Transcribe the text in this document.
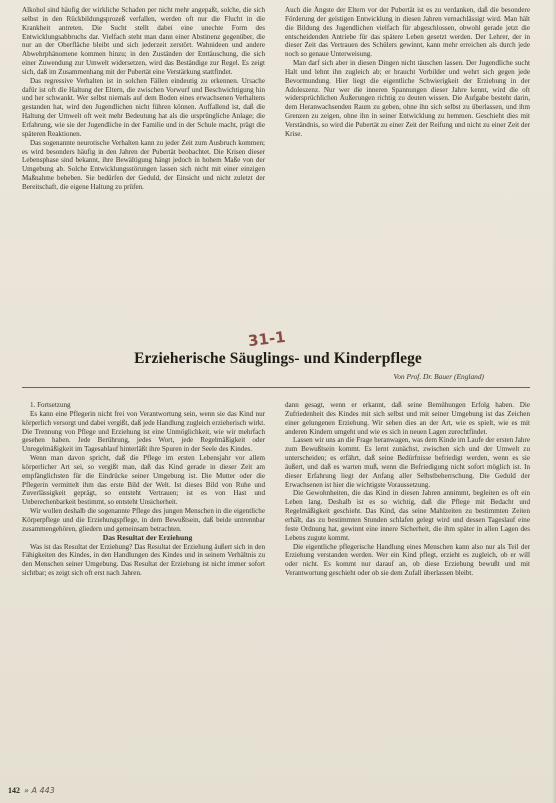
Alkohol sind häufig der wirkliche Schaden per nicht mehr angepaßt, solche, die sich selbst in den Rückbildungsprozeß verfallen, werden oft nur die Flucht in die Krankheit antreten. Die Sucht stellt dabei eine unechte Form des Entwicklungsabbruchs dar. Vielfach steht man dann einer Abstinenz gegenüber, die nur an der Oberfläche bleibt und sich jederzeit zerstört. Wahnideen und andere Abwehrphänomene kommen hinzu; in den Zuständen der Enttäuschung, die sich einer Zuwendung zur Umwelt widersetzen, wird das Beständige zur Regel. Es zeigt sich, daß im Zusammenhang mit der Pubertät eine Verstärkung stattfindet.

Das regressive Verhalten ist in solchen Fällen eindeutig zu erkennen. Ursache dafür ist oft die Haltung der Eltern, die zwischen Vorwurf und Beschwichtigung hin und her schwankt. Wer selbst niemals auf dem Boden eines erwachsenen Verhaltens gestanden hat, wird den Jugendlichen nicht führen können. Auffallend ist, daß die Haltung der Umwelt oft weit mehr Bedeutung hat als die ursprüngliche Anlage; die Erfahrung, wie sie der Jugendliche in der Familie und in der Schule macht, prägt die späteren Reaktionen.

Das sogenannte neurotische Verhalten kann zu jeder Zeit zum Ausbruch kommen; es wird besonders häufig in den Jahren der Pubertät beobachtet. Die Krisen dieser Lebensphase sind bekannt, ihre Bewältigung hängt jedoch in hohem Maße von der Umgebung ab. Solche Entwicklungsstörungen lassen sich nicht mit einer einzigen Maßnahme beheben. Sie bedürfen der Geduld, der Einsicht und nicht zuletzt der Bereitschaft, die eigene Haltung zu prüfen.

Auch die Ängste der Eltern vor der Pubertät ist es zu verdanken, daß die besondere Förderung der geistigen Entwicklung in diesen Jahren vernachlässigt wird. Man hält die Bildung des Jugendlichen vielfach für abgeschlossen, obwohl gerade jetzt die entscheidenden Antriebe für das spätere Leben gesetzt werden. Der Lehrer, der in dieser Zeit das Vertrauen des Schülers gewinnt, kann mehr erreichen als durch jede noch so genaue Unterweisung.

Man darf sich aber in diesen Dingen nicht täuschen lassen. Der Jugendliche sucht Halt und lehnt ihn zugleich ab; er braucht Vorbilder und wehrt sich gegen jede Bevormundung. Hier liegt die eigentliche Schwierigkeit der Erziehung in der Adoleszenz. Nur wer die inneren Spannungen dieser Jahre kennt, wird die oft widersprüchlichen Äußerungen richtig zu deuten wissen. Die Aufgabe besteht darin, dem Heranwachsenden Raum zu geben, ohne ihn sich selbst zu überlassen, und ihm Grenzen zu zeigen, ohne ihn in seiner Entwicklung zu hemmen. Geschieht dies mit Verständnis, so wird die Pubertät zu einer Zeit der Reifung und nicht zu einer Zeit der Krise.

31-1
Erzieherische Säuglings- und Kinderpflege
Von Prof. Dr. Bauer (England)

1. Fortsetzung

Es kann eine Pflegerin nicht frei von Verantwortung sein, wenn sie das Kind nur körperlich versorgt und dabei vergißt, daß jede Handlung zugleich erzieherisch wirkt. Die Trennung von Pflege und Erziehung ist eine Unmöglichkeit, wie wir mehrfach gesehen haben. Jede Berührung, jedes Wort, jede Regelmäßigkeit oder Unregelmäßigkeit im Tagesablauf hinterläßt ihre Spuren in der Seele des Kindes.

Wenn man davon spricht, daß die Pflege im ersten Lebensjahr vor allem körperlicher Art sei, so vergißt man, daß das Kind gerade in dieser Zeit am empfänglichsten für die Eindrücke seiner Umgebung ist. Die Mutter oder die Pflegerin vermittelt ihm das erste Bild der Welt. Ist dieses Bild von Ruhe und Zuverlässigkeit geprägt, so entsteht Vertrauen; ist es von Hast und Unberechenbarkeit bestimmt, so entsteht Unsicherheit.

Wir wollen deshalb die sogenannte Pflege des jungen Menschen in die eigentliche Körperpflege und die Erziehungspflege, in dem Bewußtsein, daß beide untrennbar zusammengehören, gliedern und gemeinsam betrachten.

Das Resultat der Erziehung

Was ist das Resultat der Erziehung? Das Resultat der Erziehung äußert sich in den Fähigkeiten des Kindes, in den Handlungen des Kindes und in seinem Verhältnis zu den Menschen seiner Umgebung. Das Resultat der Erziehung ist nicht immer sofort sichtbar; es zeigt sich oft erst nach Jahren.

dann gesagt, wenn er erkannt, daß seine Bemühungen Erfolg haben. Die Zufriedenheit des Kindes mit sich selbst und mit seiner Umgebung ist das Zeichen einer gelungenen Erziehung. Wir sehen dies an der Art, wie es spielt, wie es mit anderen Kindern umgeht und wie es sich in neuen Lagen zurechtfindet.

Lassen wir uns an die Frage heranwagen, was dem Kinde im Laufe der ersten Jahre zum Bewußtsein kommt. Es lernt zunächst, zwischen sich und der Umwelt zu unterscheiden; es erfährt, daß seine Bedürfnisse befriedigt werden, wenn es sie äußert, und daß es warten muß, wenn die Befriedigung nicht sofort möglich ist. In dieser Erfahrung liegt der Anfang aller Selbstbeherrschung. Die Geduld der Erwachsenen ist hier die wichtigste Voraussetzung.

Die Gewohnheiten, die das Kind in diesen Jahren annimmt, begleiten es oft ein Leben lang. Deshalb ist es so wichtig, daß die Pflege mit Bedacht und Regelmäßigkeit geschieht. Das Kind, das seine Mahlzeiten zu bestimmten Zeiten erhält, das zu bestimmten Stunden schlafen gelegt wird und dessen Tageslauf eine feste Ordnung hat, gewinnt eine innere Sicherheit, die ihm später in allen Lagen des Lebens zugute kommt.

Die eigentliche pflegerische Handlung eines Menschen kann also nur als Teil der Erziehung verstanden werden. Wer ein Kind pflegt, erzieht es zugleich, ob er will oder nicht. Es kommt nur darauf an, ob diese Erziehung bewußt und mit Verantwortung geschieht oder ob sie dem Zufall überlassen bleibt.

142 » A 443
